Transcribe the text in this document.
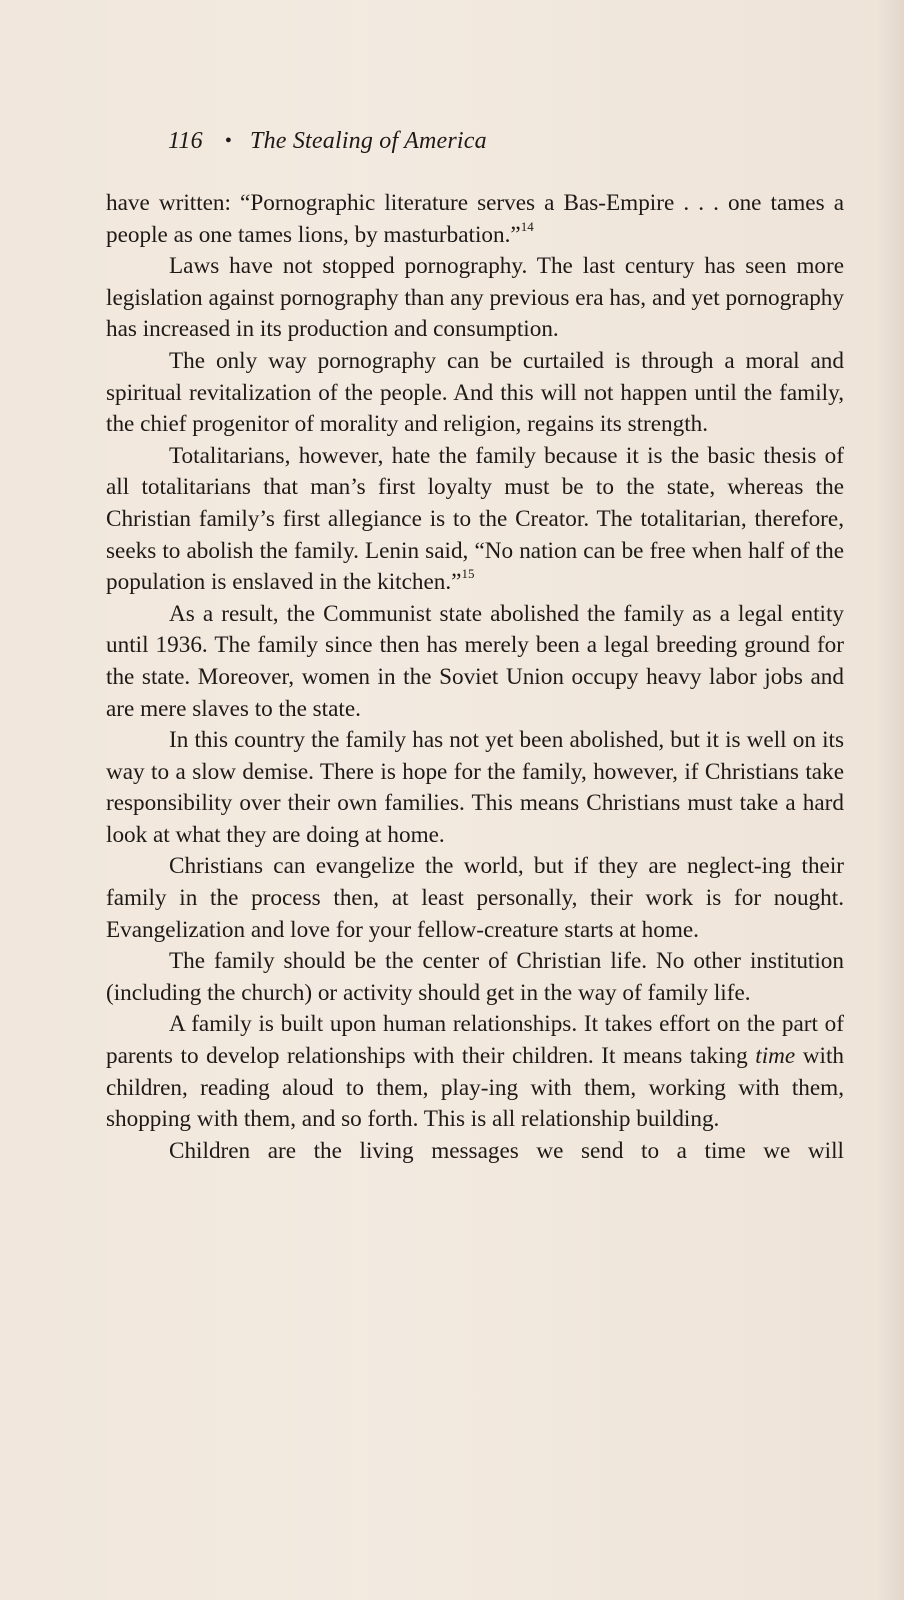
116 • The Stealing of America

have written: “Pornographic literature serves a Bas-Empire . . . one tames a people as one tames lions, by masturbation.”$^{14}$

Laws have not stopped pornography. The last century has seen more legislation against pornography than any previous era has, and yet pornography has increased in its production and consumption.

The only way pornography can be curtailed is through a moral and spiritual revitalization of the people. And this will not happen until the family, the chief progenitor of morality and religion, regains its strength.

Totalitarians, however, hate the family because it is the basic thesis of all totalitarians that man’s first loyalty must be to the state, whereas the Christian family’s first allegiance is to the Creator. The totalitarian, therefore, seeks to abolish the family. Lenin said, “No nation can be free when half of the population is enslaved in the kitchen.”$^{15}$

As a result, the Communist state abolished the family as a legal entity until 1936. The family since then has merely been a legal breeding ground for the state. Moreover, women in the Soviet Union occupy heavy labor jobs and are mere slaves to the state.

In this country the family has not yet been abolished, but it is well on its way to a slow demise. There is hope for the family, however, if Christians take responsibility over their own families. This means Christians must take a hard look at what they are doing at home.

Christians can evangelize the world, but if they are neglect-ing their family in the process then, at least personally, their work is for nought. Evangelization and love for your fellow-creature starts at home.

The family should be the center of Christian life. No other institution (including the church) or activity should get in the way of family life.

A family is built upon human relationships. It takes effort on the part of parents to develop relationships with their children. It means taking time with children, reading aloud to them, play-ing with them, working with them, shopping with them, and so forth. This is all relationship building.

Children are the living messages we send to a time we will
